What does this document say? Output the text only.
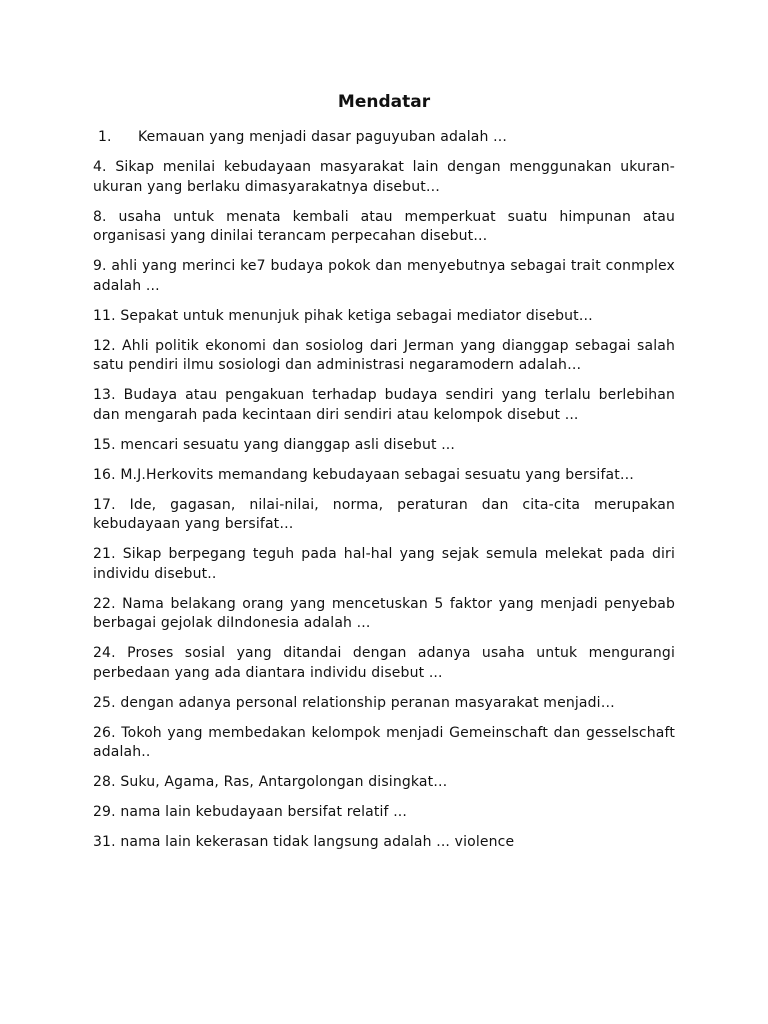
Mendatar
1.	Kemauan yang menjadi dasar paguyuban adalah ...
4. Sikap menilai kebudayaan masyarakat lain dengan menggunakan ukuran-ukuran yang berlaku dimasyarakatnya disebut…
8. usaha untuk menata kembali atau memperkuat suatu himpunan atau organisasi yang dinilai terancam perpecahan disebut…
9. ahli yang merinci ke7 budaya pokok dan menyebutnya sebagai trait conmplex adalah ...
11. Sepakat untuk menunjuk pihak ketiga sebagai mediator disebut…
12. Ahli politik ekonomi dan sosiolog dari Jerman yang dianggap sebagai salah satu pendiri ilmu sosiologi dan administrasi negaramodern adalah…
13. Budaya atau pengakuan terhadap budaya sendiri yang terlalu berlebihan dan mengarah pada kecintaan diri sendiri atau kelompok disebut ...
15. mencari sesuatu yang dianggap asli disebut ...
16. M.J.Herkovits memandang kebudayaan sebagai sesuatu yang bersifat…
17. Ide, gagasan, nilai-nilai, norma, peraturan dan cita-cita merupakan kebudayaan yang bersifat…
21. Sikap berpegang teguh pada hal-hal yang sejak semula melekat pada diri individu disebut..
22. Nama belakang orang yang mencetuskan 5 faktor yang menjadi penyebab berbagai gejolak diIndonesia adalah ...
24. Proses sosial yang ditandai dengan adanya usaha untuk mengurangi perbedaan yang ada diantara individu disebut ...
25. dengan adanya personal relationship peranan masyarakat menjadi…
26. Tokoh yang membedakan kelompok menjadi Gemeinschaft dan gesselschaft adalah..
28. Suku, Agama, Ras, Antargolongan disingkat…
29. nama lain kebudayaan bersifat relatif ...
31. nama lain kekerasan tidak langsung adalah ... violence
